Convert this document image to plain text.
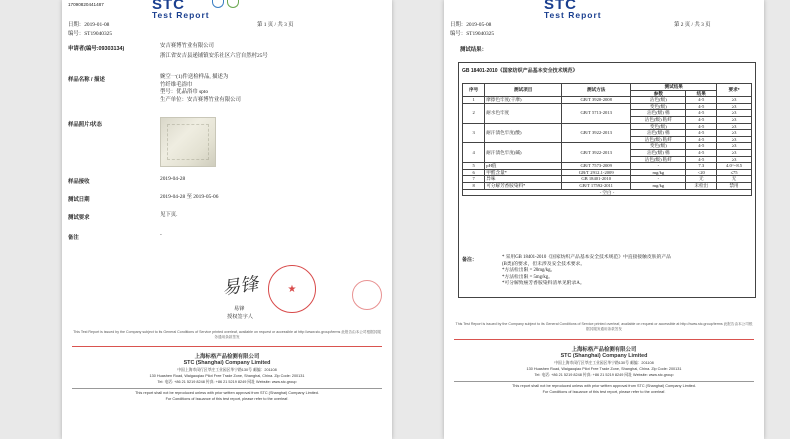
17090820441487	STC
Test Report
日期：2019-01-08	第 1 页 / 共 3 页
编号：ST19040325
申请者(编号:09303134)	安吉赛博竹业有限公司
浙江省安吉县递铺镇安乐社区六官自然村25号
样品名称 / 描述	婉空一(1)件送检样品, 描述为
竹纤维毛浴巾
型号：优品浴巾 spto
生产单位：安吉赛博竹业有限公司
样品照片/状态
样品接收	2019-04-28
测试日期	2019-04-28 至 2019-05-06
测试要求	见下页.
备注	-
易锋	★
易锋
授权签字人
This Test Report is issued by the Company subject to its General Conditions of Service printed overleaf, available on request or accessible at http://www.stc.group/terms 此报告由本公司根据其服务通用条款签发
上海标格产品检测有限公司
STC (Shanghai) Company Limited
中国上海市闵行区莘庄工业园区华宁路130号 邮编：201108
130 Huashen Road, Waigaoqiao Pilot Free Trade Zone, Shanghai, China. Zip Code: 200131
Tel: 电话: +86 21 5219 8248 传真: +86 21 5219 8249 网址 Website: www.stc.group
This report shall not be reproduced unless with prior written approval from STC (Shanghai) Company Limited.
For Conditions of Issuance of this test report, please refer to the overleaf.
STC
Test Report
日期：2019-05-08	第 2 页 / 共 3 页
编号：ST19040325
测试结果：
GB 18401-2010《国家纺织产品基本安全技术规范》
序号	测试项目	测试方法	测试结果		要求*
			参数	结果	
1	摩擦色牢度(干摩)	GB/T 3920-2008	沾色(级)	4-5	≥3
2	耐水色牢度	GB/T 5713-2013	变色(级)	4-5	≥3
			沾色(级) 棉	4-5	≥3
			沾色(级) 粘纤	4-5	≥3
3	耐汗渍色牢度(酸)	GB/T 3922-2013	变色(级)	4-5	≥3
			沾色(级) 棉	4-5	≥3
			沾色(级) 粘纤	4-5	≥3
4	耐汗渍色牢度(碱)	GB/T 3922-2013	变色(级)	4-5	≥3
			沾色(级) 棉	4-5	≥3
			沾色(级) 粘纤	4-5	≥3
5	pH值	GB/T 7573-2009	-	7.3	4.0～8.5
6	甲醛含量*	GB/T 2912.1-2009	mg/kg	<20	≤75
7	异味	GB 18401-2010	-	无	无
8	可分解芳香胺染料*	GB/T 17592-2011	mg/kg	未检出	禁用
- 空白 -					
备注：	* 采用GB 18401-2010《国家纺织产品基本安全技术规范》中直接接触皮肤的产品
(B类)的要求，但未涉及安全技术要求。
*方法检出限 = 20mg/kg。
*方法检出限 = 5mg/kg。
*可分解致癌芳香胺染料清单见附录A。
This Test Report is issued by the Company subject to its General Conditions of Service printed overleaf, available on request or accessible at http://www.stc.group/terms 此报告由本公司根据其服务通用条款签发
上海标格产品检测有限公司
STC (Shanghai) Company Limited
中国上海市闵行区莘庄工业园区华宁路130号 邮编：201108
130 Huashen Road, Waigaoqiao Pilot Free Trade Zone, Shanghai, China. Zip Code: 200131
Tel: 电话: +86 21 5219 8248 传真: +86 21 5219 8249 网址 Website: www.stc.group
This report shall not be reproduced unless with prior written approval from STC (Shanghai) Company Limited.
For Conditions of Issuance of this test report, please refer to the overleaf.
